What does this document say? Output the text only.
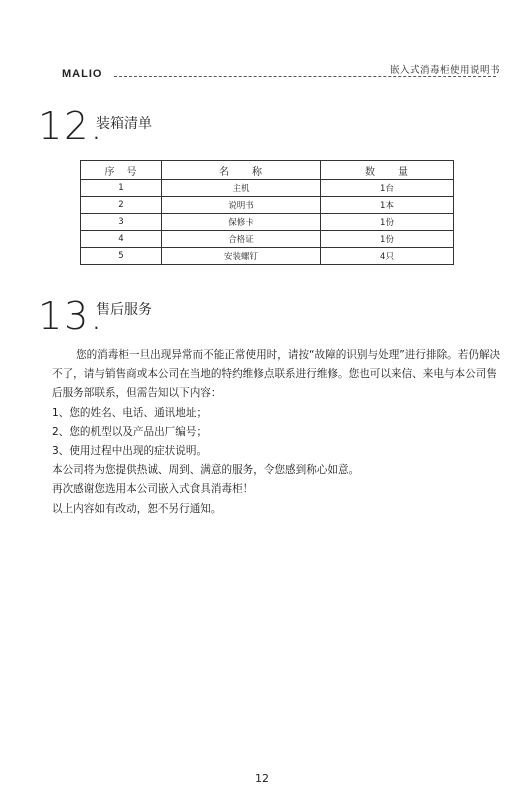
MALIO	嵌入式消毒柜使用说明书
12.
装箱清单
序　号	名　　称	数　　量
1	主机	1台
2	说明书	1本
3	保修卡	1份
4	合格证	1份
5	安装螺钉	4只
13.
售后服务

您的消毒柜一旦出现异常而不能正常使用时，请按“故障的识别与处理”进行排除。若仍解决不了，请与销售商或本公司在当地的特约维修点联系进行维修。您也可以来信、来电与本公司售后服务部联系，但需告知以下内容：

1、您的姓名、电话、通讯地址；

2、您的机型以及产品出厂编号；

3、使用过程中出现的症状说明。

本公司将为您提供热诚、周到、满意的服务，令您感到称心如意。

再次感谢您选用本公司嵌入式食具消毒柜！

以上内容如有改动，恕不另行通知。

12
